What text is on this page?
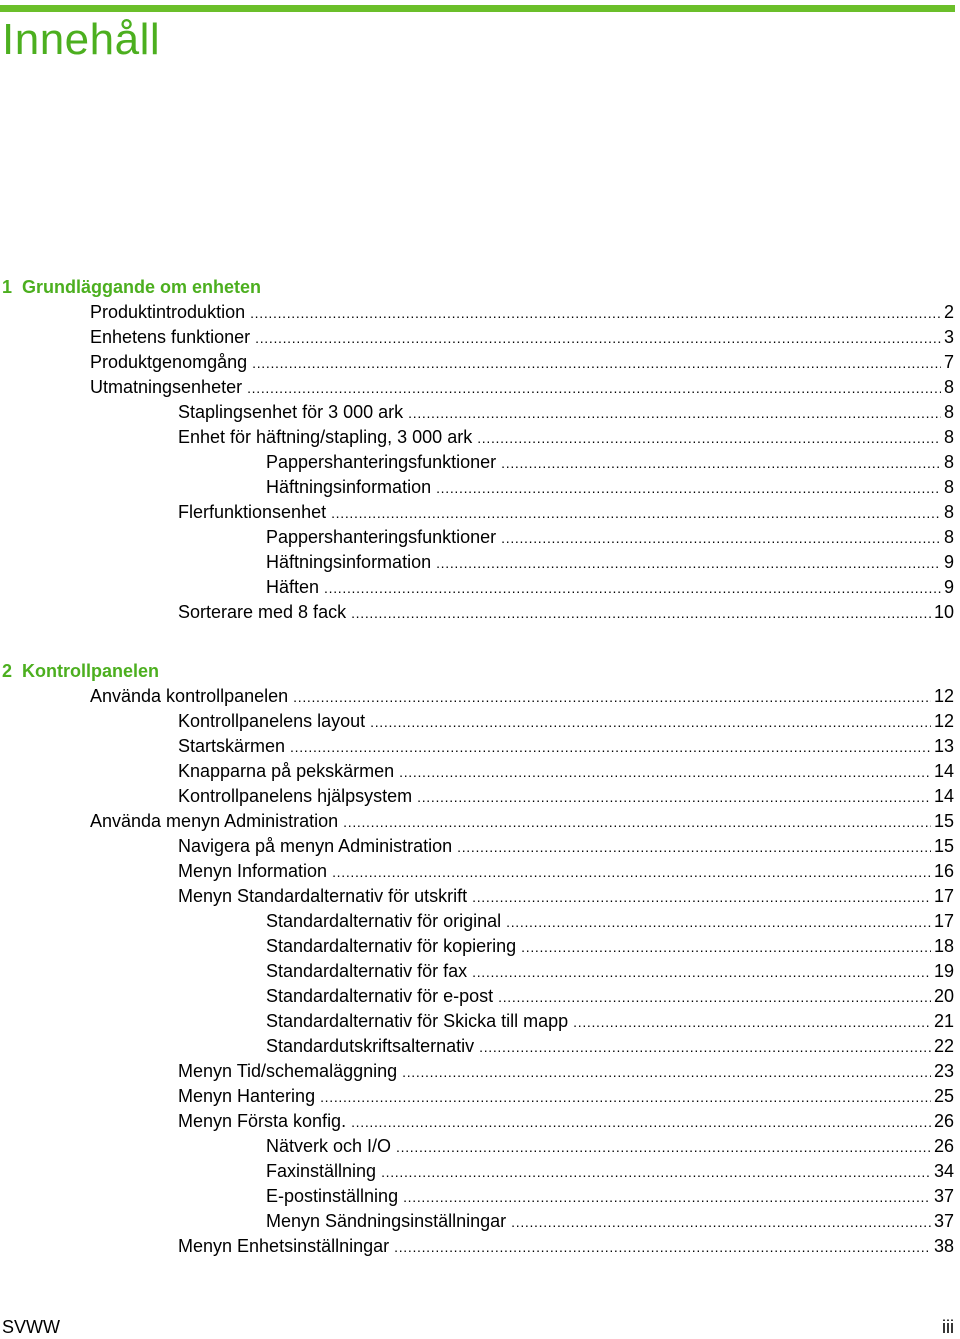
Innehåll
1 Grundläggande om enheten
Produktintroduktion . . .	2
Enhetens funktioner . . .	3
Produktgenomgång . . .	7
Utmatningsenheter . . .	8
Staplingsenhet för 3 000 ark . . .	8
Enhet för häftning/stapling, 3 000 ark . . .	8
Pappershanteringsfunktioner . . .	8
Häftningsinformation . . .	8
Flerfunktionsenhet . . .	8
Pappershanteringsfunktioner . . .	8
Häftningsinformation . . .	9
Häften . . .	9
Sorterare med 8 fack . . .	10
2 Kontrollpanelen
Använda kontrollpanelen . . .	12
Kontrollpanelens layout . . .	12
Startskärmen . . .	13
Knapparna på pekskärmen . . .	14
Kontrollpanelens hjälpsystem . . .	14
Använda menyn Administration . . .	15
Navigera på menyn Administration . . .	15
Menyn Information . . .	16
Menyn Standardalternativ för utskrift . . .	17
Standardalternativ för original . . .	17
Standardalternativ för kopiering . . .	18
Standardalternativ för fax . . .	19
Standardalternativ för e-post . . .	20
Standardalternativ för Skicka till mapp . . .	21
Standardutskriftsalternativ . . .	22
Menyn Tid/schemaläggning . . .	23
Menyn Hantering . . .	25
Menyn Första konfig. . . .	26
Nätverk och I/O . . .	26
Faxinställning . . .	34
E-postinställning . . .	37
Menyn Sändningsinställningar . . .	37
Menyn Enhetsinställningar . . .	38
SVWW	iii
